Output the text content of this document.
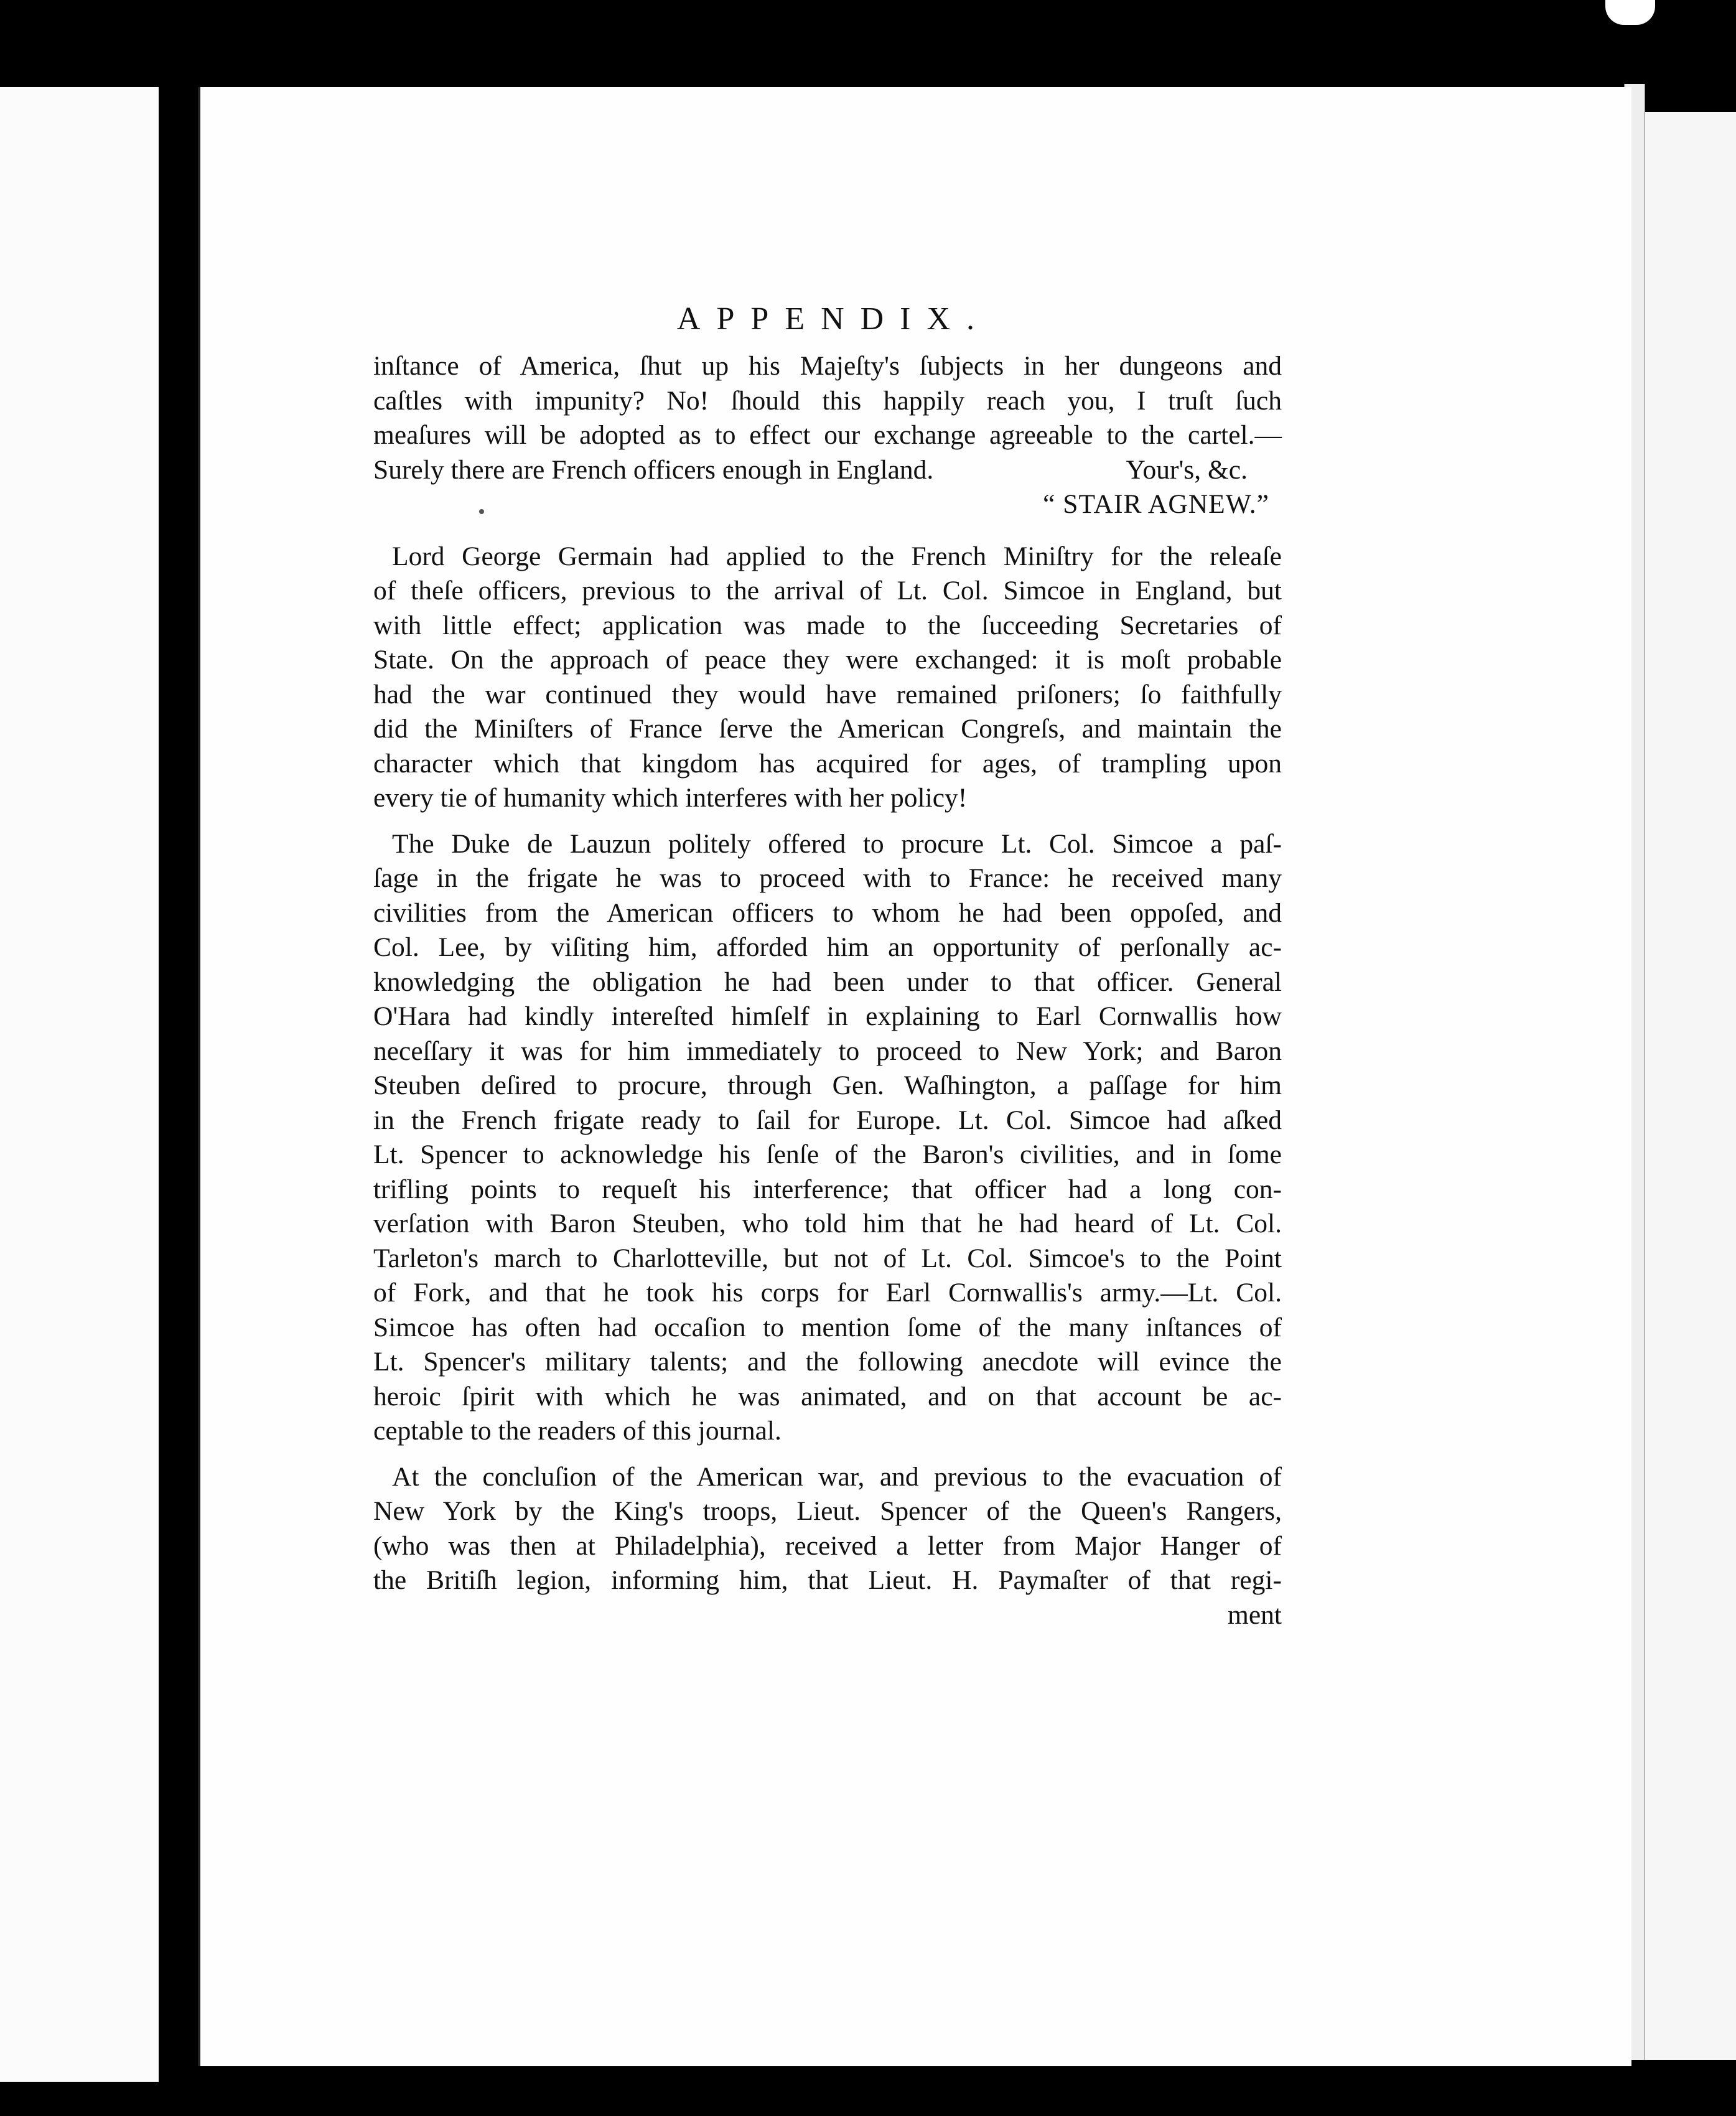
APPENDIX.
inſtance of America, ſhut up his Majeſty's ſubjects in her dungeons and
caſtles with impunity? No! ſhould this happily reach you, I truſt ſuch
meaſures will be adopted as to effect our exchange agreeable to the cartel.—
Surely there are French officers enough in England.	Your's, &c.
“ STAIR AGNEW.”
Lord George Germain had applied to the French Miniſtry for the releaſe
of theſe officers, previous to the arrival of Lt. Col. Simcoe in England, but
with little effect; application was made to the ſucceeding Secretaries of
State. On the approach of peace they were exchanged: it is moſt probable
had the war continued they would have remained priſoners; ſo faithfully
did the Miniſters of France ſerve the American Congreſs, and maintain the
character which that kingdom has acquired for ages, of trampling upon
every tie of humanity which interferes with her policy!
The Duke de Lauzun politely offered to procure Lt. Col. Simcoe a paſ-
ſage in the frigate he was to proceed with to France: he received many
civilities from the American officers to whom he had been oppoſed, and
Col. Lee, by viſiting him, afforded him an opportunity of perſonally ac-
knowledging the obligation he had been under to that officer. General
O'Hara had kindly intereſted himſelf in explaining to Earl Cornwallis how
neceſſary it was for him immediately to proceed to New York; and Baron
Steuben deſired to procure, through Gen. Waſhington, a paſſage for him
in the French frigate ready to ſail for Europe. Lt. Col. Simcoe had aſked
Lt. Spencer to acknowledge his ſenſe of the Baron's civilities, and in ſome
trifling points to requeſt his interference; that officer had a long con-
verſation with Baron Steuben, who told him that he had heard of Lt. Col.
Tarleton's march to Charlotteville, but not of Lt. Col. Simcoe's to the Point
of Fork, and that he took his corps for Earl Cornwallis's army.—Lt. Col.
Simcoe has often had occaſion to mention ſome of the many inſtances of
Lt. Spencer's military talents; and the following anecdote will evince the
heroic ſpirit with which he was animated, and on that account be ac-
ceptable to the readers of this journal.
At the concluſion of the American war, and previous to the evacuation of
New York by the King's troops, Lieut. Spencer of the Queen's Rangers,
(who was then at Philadelphia), received a letter from Major Hanger of
the Britiſh legion, informing him, that Lieut. H. Paymaſter of that regi-
ment
